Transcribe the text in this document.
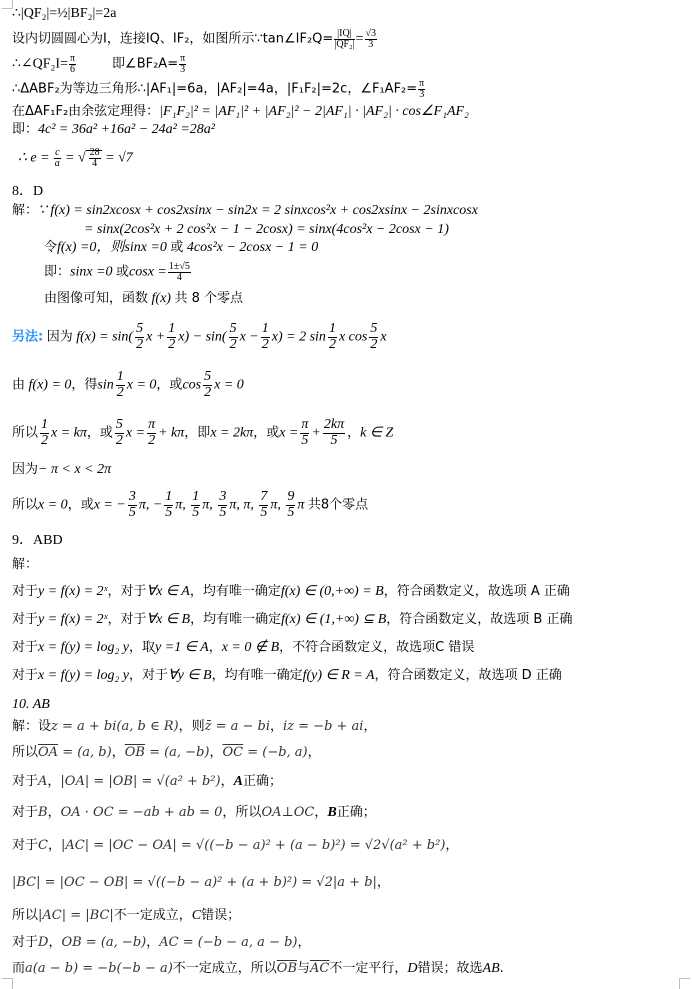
∴|QF₂|=½|BF₂|=2a
设内切圆圆心为I，连接IQ、IF₂，如图所示∵tan∠IF₂Q= $\frac{|IQ|}{\text{|QF₂|}} = \frac{√3}{3}$
∴∠QF₂I= $\frac{\pi}{6}$	即∠BF₂A= $\frac{\pi}{3}$
∴ΔABF₂为等边三角形∴|AF₁|=6a，|AF₂|=4a，|F₁F₂|=2c，∠F₁AF₂= $\frac{\pi}{3}$
在ΔAF₁F₂由余弦定理得：|F₁F₂|² = |AF₁|² + |AF₂|² − 2|AF₁| · |AF₂| · cos∠F₁AF₂
即：4c² = 36a² +16a² − 24a² =28a²
∴ $e = \frac{c}{a}$ = √ $\frac{28}{4} = √7$
8．D
解：∵ f(x) = sin2xcosx + cos2xsinx − sin2x = 2 sinxcos²x + cos2xsinx − 2sinxcosx
= sinx(2cos²x + 2 cos²x − 1 − 2cosx) = sinx(4cos²x − 2cosx − 1)
令f(x) =0，则sinx =0 或 4cos²x − 2cosx − 1 = 0
即：sinx =0 或$\cos x = \frac{1\pm√5}{4}$
由图像可知，函数 f(x) 共 8 个零点
另法: 因为 $f(x) = \sin( \frac{5}{2}$ $x + \frac{1}{2} x) - \sin( \frac{5}{2}$ $x - \frac{1}{2} x) = 2$ $\sin \frac{1}{2}$ x $\cos \frac{5}{2}$ x
由 f(x) = 0，得$\sin \frac{1}{2}$ x = 0，或$\cos \frac{5}{2}$ x = 0
所以 $\frac{1}{2}$ x = kπ，或 $\frac{5}{2}$ $x = \frac{\pi}{2} + k\pi$，即x = 2kπ，或$x = \frac{\pi}{5} + \frac{2k\pi}{5}$ ，k ∈ Z
因为− π < x < 2π
所以x = 0，或x = − $\frac{3}{5} \pi$, − $\frac{1}{5} \pi$, $\frac{1}{5} \pi$, $\frac{3}{5} \pi$, π, $\frac{7}{5} \pi$, $\frac{9}{5}$ π 共8个零点
9．ABD
解：
对于y = f(x) = 2ˣ，对于∀x ∈ A，均有唯一确定f(x) ∈ (0,+∞) = B，符合函数定义，故选项 A 正确
对于y = f(x) = 2ˣ，对于∀x ∈ B，均有唯一确定f(x) ∈ (1,+∞) ⊆ B，符合函数定义，故选项 B 正确
对于x = f(y) = log₂ y，取y =1 ∈ A，x = 0 ∉ B，不符合函数定义，故选项C 错误
对于x = f(y) = log₂ y，对于∀y ∈ B，均有唯一确定f(y) ∈ R = A，符合函数定义，故选项 D 正确
10. AB
解：设z = a + bi(a, b ∈ R)，则z̄ = a − bi，iz = −b + ai，
所以$\overline{OA} = (a$, b)，$\overline{OB} = (a$, −b)，$\overline{OC} = (-b$, a)，
对于A，|OA| = |OB| = √(a² + b²)，A正确；
对于B，OA · OC = −ab + ab = 0，所以OA⊥OC，B正确；
对于C，|AC| = |OC − OA| = √((−b − a)² + (a − b)²) = √2√(a² + b²)，
|BC| = |OC − OB| = √((−b − a)² + (a + b)²) = √2|a + b|，
所以|AC| = |BC|不一定成立，C错误；
对于D，OB = (a, −b)，AC = (−b − a, a − b)，
而a(a − b) = −b(−b − a)不一定成立，所以$\overline{OB}$与$\overline{AC}$不一定平行，D错误；故选AB.
